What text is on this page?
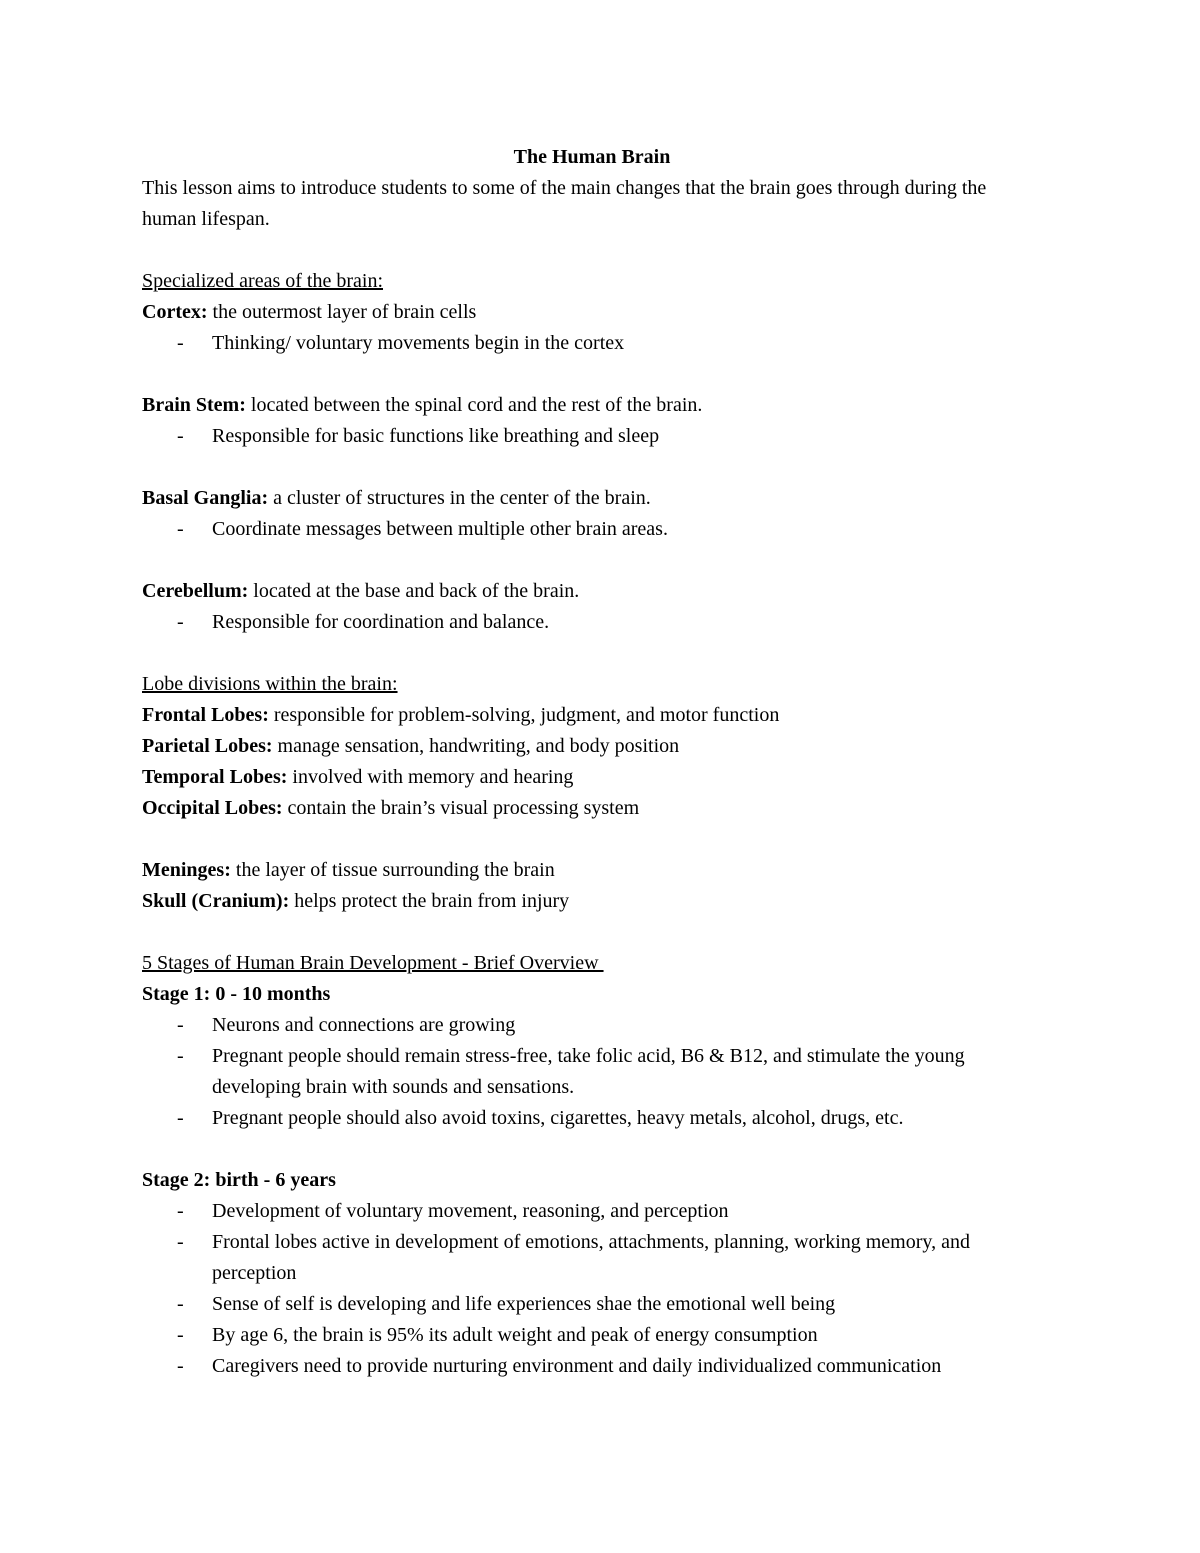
The Human Brain

This lesson aims to introduce students to some of the main changes that the brain goes through during the human lifespan.

Specialized areas of the brain:

Cortex: the outermost layer of brain cells

- Thinking/ voluntary movements begin in the cortex

Brain Stem: located between the spinal cord and the rest of the brain.

- Responsible for basic functions like breathing and sleep

Basal Ganglia: a cluster of structures in the center of the brain.

- Coordinate messages between multiple other brain areas.

Cerebellum: located at the base and back of the brain.

- Responsible for coordination and balance.

Lobe divisions within the brain:

Frontal Lobes: responsible for problem-solving, judgment, and motor function

Parietal Lobes: manage sensation, handwriting, and body position

Temporal Lobes: involved with memory and hearing

Occipital Lobes: contain the brain’s visual processing system

Meninges: the layer of tissue surrounding the brain

Skull (Cranium): helps protect the brain from injury

5 Stages of Human Brain Development - Brief Overview

Stage 1: 0 - 10 months

- Neurons and connections are growing
- Pregnant people should remain stress-free, take folic acid, B6 & B12, and stimulate the young developing brain with sounds and sensations.
- Pregnant people should also avoid toxins, cigarettes, heavy metals, alcohol, drugs, etc.

Stage 2: birth - 6 years

- Development of voluntary movement, reasoning, and perception
- Frontal lobes active in development of emotions, attachments, planning, working memory, and perception
- Sense of self is developing and life experiences shae the emotional well being
- By age 6, the brain is 95% its adult weight and peak of energy consumption
- Caregivers need to provide nurturing environment and daily individualized communication
